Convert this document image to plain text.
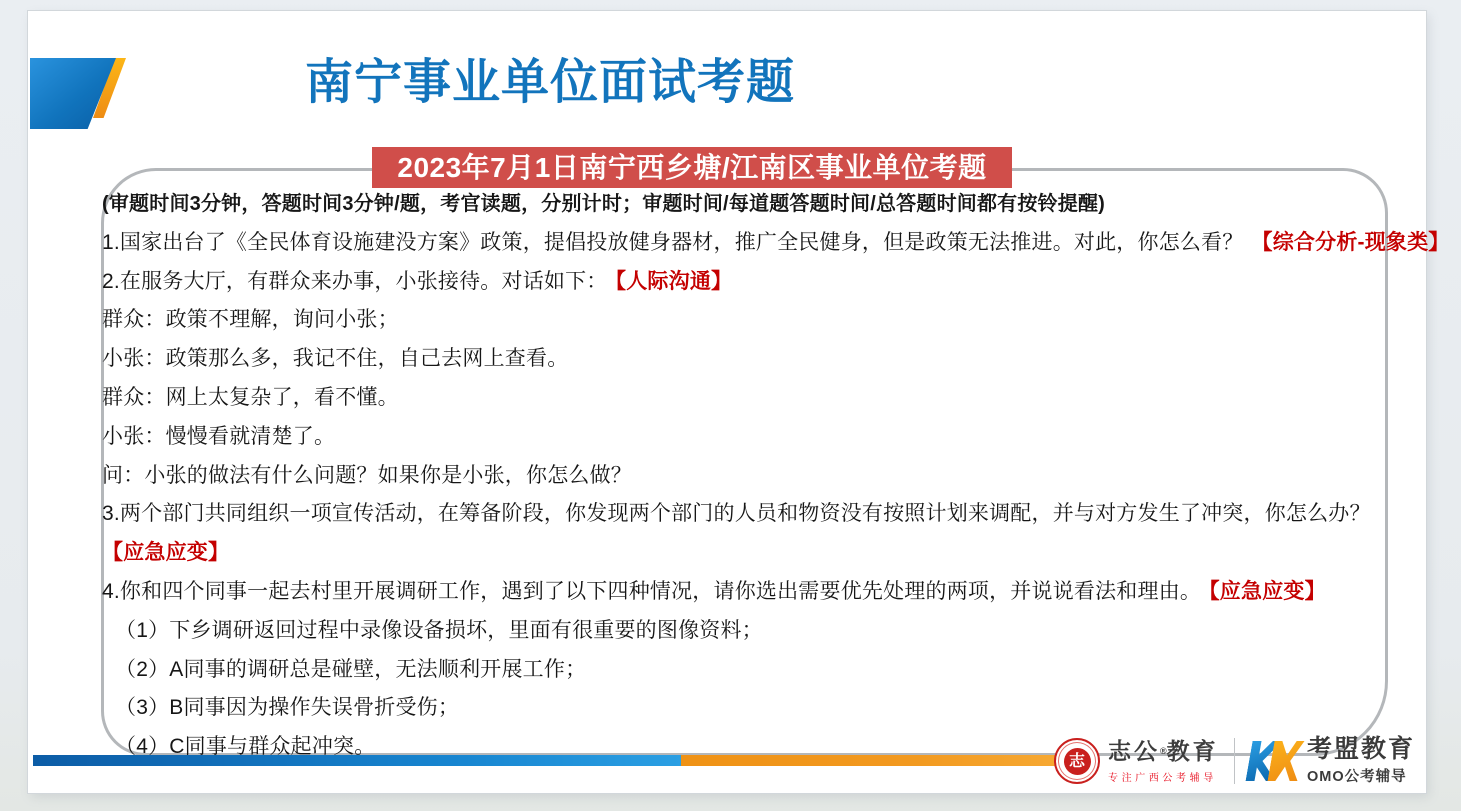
南宁事业单位面试考题
2023年7月1日南宁西乡塘/江南区事业单位考题
(审题时间3分钟，答题时间3分钟/题，考官读题，分别计时；审题时间/每道题答题时间/总答题时间都有按铃提醒)
1.国家出台了《全民体育设施建没方案》政策，提倡投放健身器材，推广全民健身，但是政策无法推进。对此，你怎么看？ 【综合分析-现象类】
2.在服务大厅，有群众来办事，小张接待。对话如下： 【人际沟通】
群众：政策不理解，询问小张；
小张：政策那么多，我记不住，自己去网上查看。
群众：网上太复杂了，看不懂。
小张：慢慢看就清楚了。
问：小张的做法有什么问题？如果你是小张，你怎么做？
3.两个部门共同组织一项宣传活动，在筹备阶段，你发现两个部门的人员和物资没有按照计划来调配，并与对方发生了冲突，你怎么办？
【应急应变】
4.你和四个同事一起去村里开展调研工作，遇到了以下四种情况，请你选出需要优先处理的两项，并说说看法和理由。 【应急应变】
（1）下乡调研返回过程中录像设备损坏，里面有很重要的图像资料；
（2）A同事的调研总是碰壁，无法顺利开展工作；
（3）B同事因为操作失误骨折受伤；
（4）C同事与群众起冲突。
志 志公®教育
专注广西公考辅导
考盟教育
OMO公考辅导
